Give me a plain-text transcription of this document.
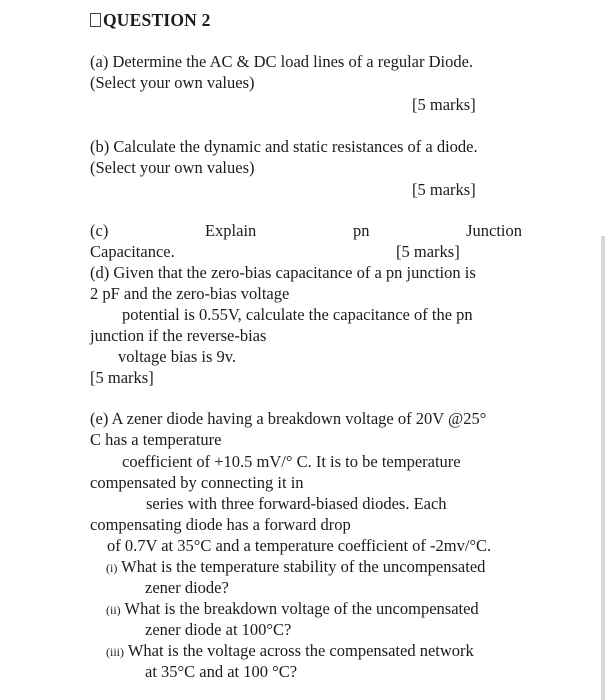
QUESTION 2
(a) Determine the AC & DC load lines of a regular Diode.
(Select your own values)
[5 marks]
(b) Calculate the dynamic and static resistances of a diode.
(Select your own values)
[5 marks]
(c)	Explain	pn	Junction
Capacitance.	[5 marks]
(d) Given that the zero-bias capacitance of a pn junction is
2 pF and the zero-bias voltage
potential is 0.55V, calculate the capacitance of the pn
junction if the reverse-bias
voltage bias is 9v.
[5 marks]
(e) A zener diode having a breakdown voltage of 20V @25°
C has a temperature
coefficient of +10.5 mV/° C. It is to be temperature
compensated by connecting it in
series with three forward-biased diodes. Each
compensating diode has a forward drop
of 0.7V at 35°C and a temperature coefficient of -2mv/°C.
(i) What is the temperature stability of the uncompensated
zener diode?
(ii) What is the breakdown voltage of the uncompensated
zener diode at 100°C?
(iii) What is the voltage across the compensated network
at 35°C and at 100 °C?
